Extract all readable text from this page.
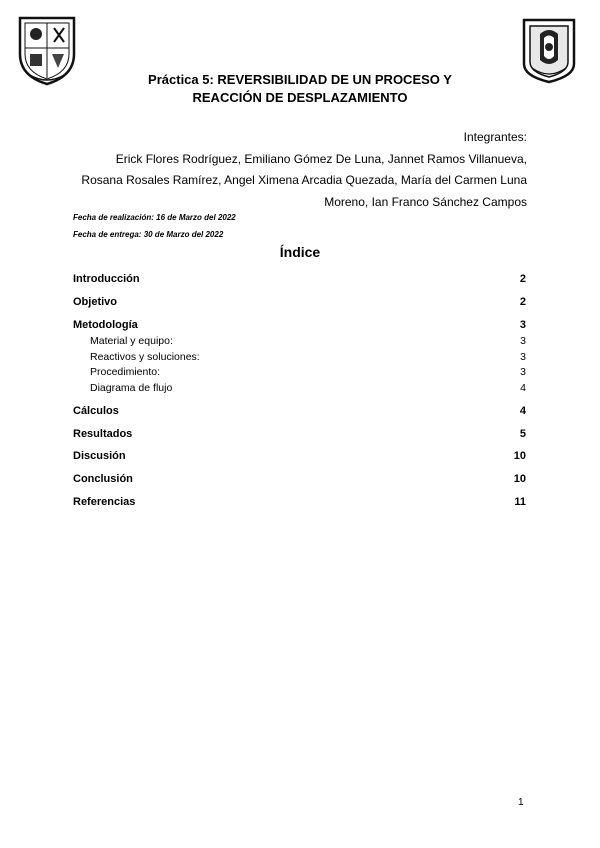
Práctica 5: REVERSIBILIDAD DE UN PROCESO Y
REACCIÓN DE DESPLAZAMIENTO
Integrantes:
Erick Flores Rodríguez, Emiliano Gómez De Luna, Jannet Ramos Villanueva,
Rosana Rosales Ramírez, Angel Ximena Arcadia Quezada, María del Carmen Luna
Moreno, Ian Franco Sánchez Campos
Fecha de realización: 16 de Marzo del 2022
Fecha de entrega: 30 de Marzo del 2022
Índice
Introducción	2
Objetivo	2
Metodología	3
Material y equipo:	3
Reactivos y soluciones:	3
Procedimiento:	3
Diagrama de flujo	4
Cálculos	4
Resultados	5
Discusión	10
Conclusión	10
Referencias	11
1
